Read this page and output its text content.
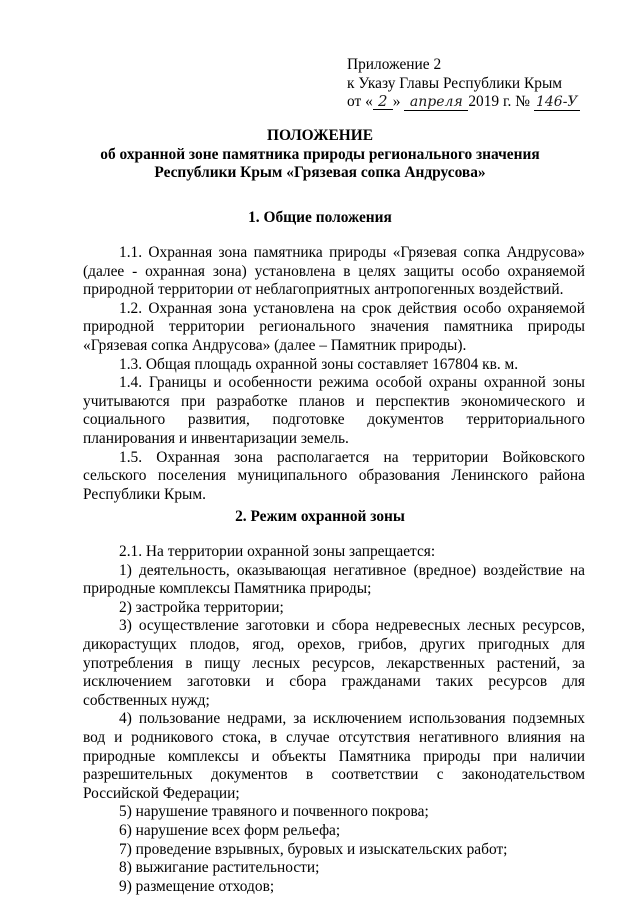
Приложение 2
к Указу Главы Республики Крым
от « 2 » апреля 2019 г. № 146-У
ПОЛОЖЕНИЕ
об охранной зоне памятника природы регионального значения
Республики Крым «Грязевая сопка Андрусова»
1. Общие положения

1.1. Охранная зона памятника природы «Грязевая сопка Андрусова» (далее - охранная зона) установлена в целях защиты особо охраняемой природной территории от неблагоприятных антропогенных воздействий.

1.2. Охранная зона установлена на срок действия особо охраняемой природной территории регионального значения памятника природы «Грязевая сопка Андрусова» (далее – Памятник природы).

1.3. Общая площадь охранной зоны составляет 167804 кв. м.

1.4. Границы и особенности режима особой охраны охранной зоны учитываются при разработке планов и перспектив экономического и социального развития, подготовке документов территориального планирования и инвентаризации земель.

1.5. Охранная зона располагается на территории Войковского сельского поселения муниципального образования Ленинского района Республики Крым.

2. Режим охранной зоны

2.1. На территории охранной зоны запрещается:

1) деятельность, оказывающая негативное (вредное) воздействие на природные комплексы Памятника природы;

2) застройка территории;

3) осуществление заготовки и сбора недревесных лесных ресурсов, дикорастущих плодов, ягод, орехов, грибов, других пригодных для употребления в пищу лесных ресурсов, лекарственных растений, за исключением заготовки и сбора гражданами таких ресурсов для собственных нужд;

4) пользование недрами, за исключением использования подземных вод и родникового стока, в случае отсутствия негативного влияния на природные комплексы и объекты Памятника природы при наличии разрешительных документов в соответствии с законодательством Российской Федерации;

5) нарушение травяного и почвенного покрова;

6) нарушение всех форм рельефа;

7) проведение взрывных, буровых и изыскательских работ;

8) выжигание растительности;

9) размещение отходов;
